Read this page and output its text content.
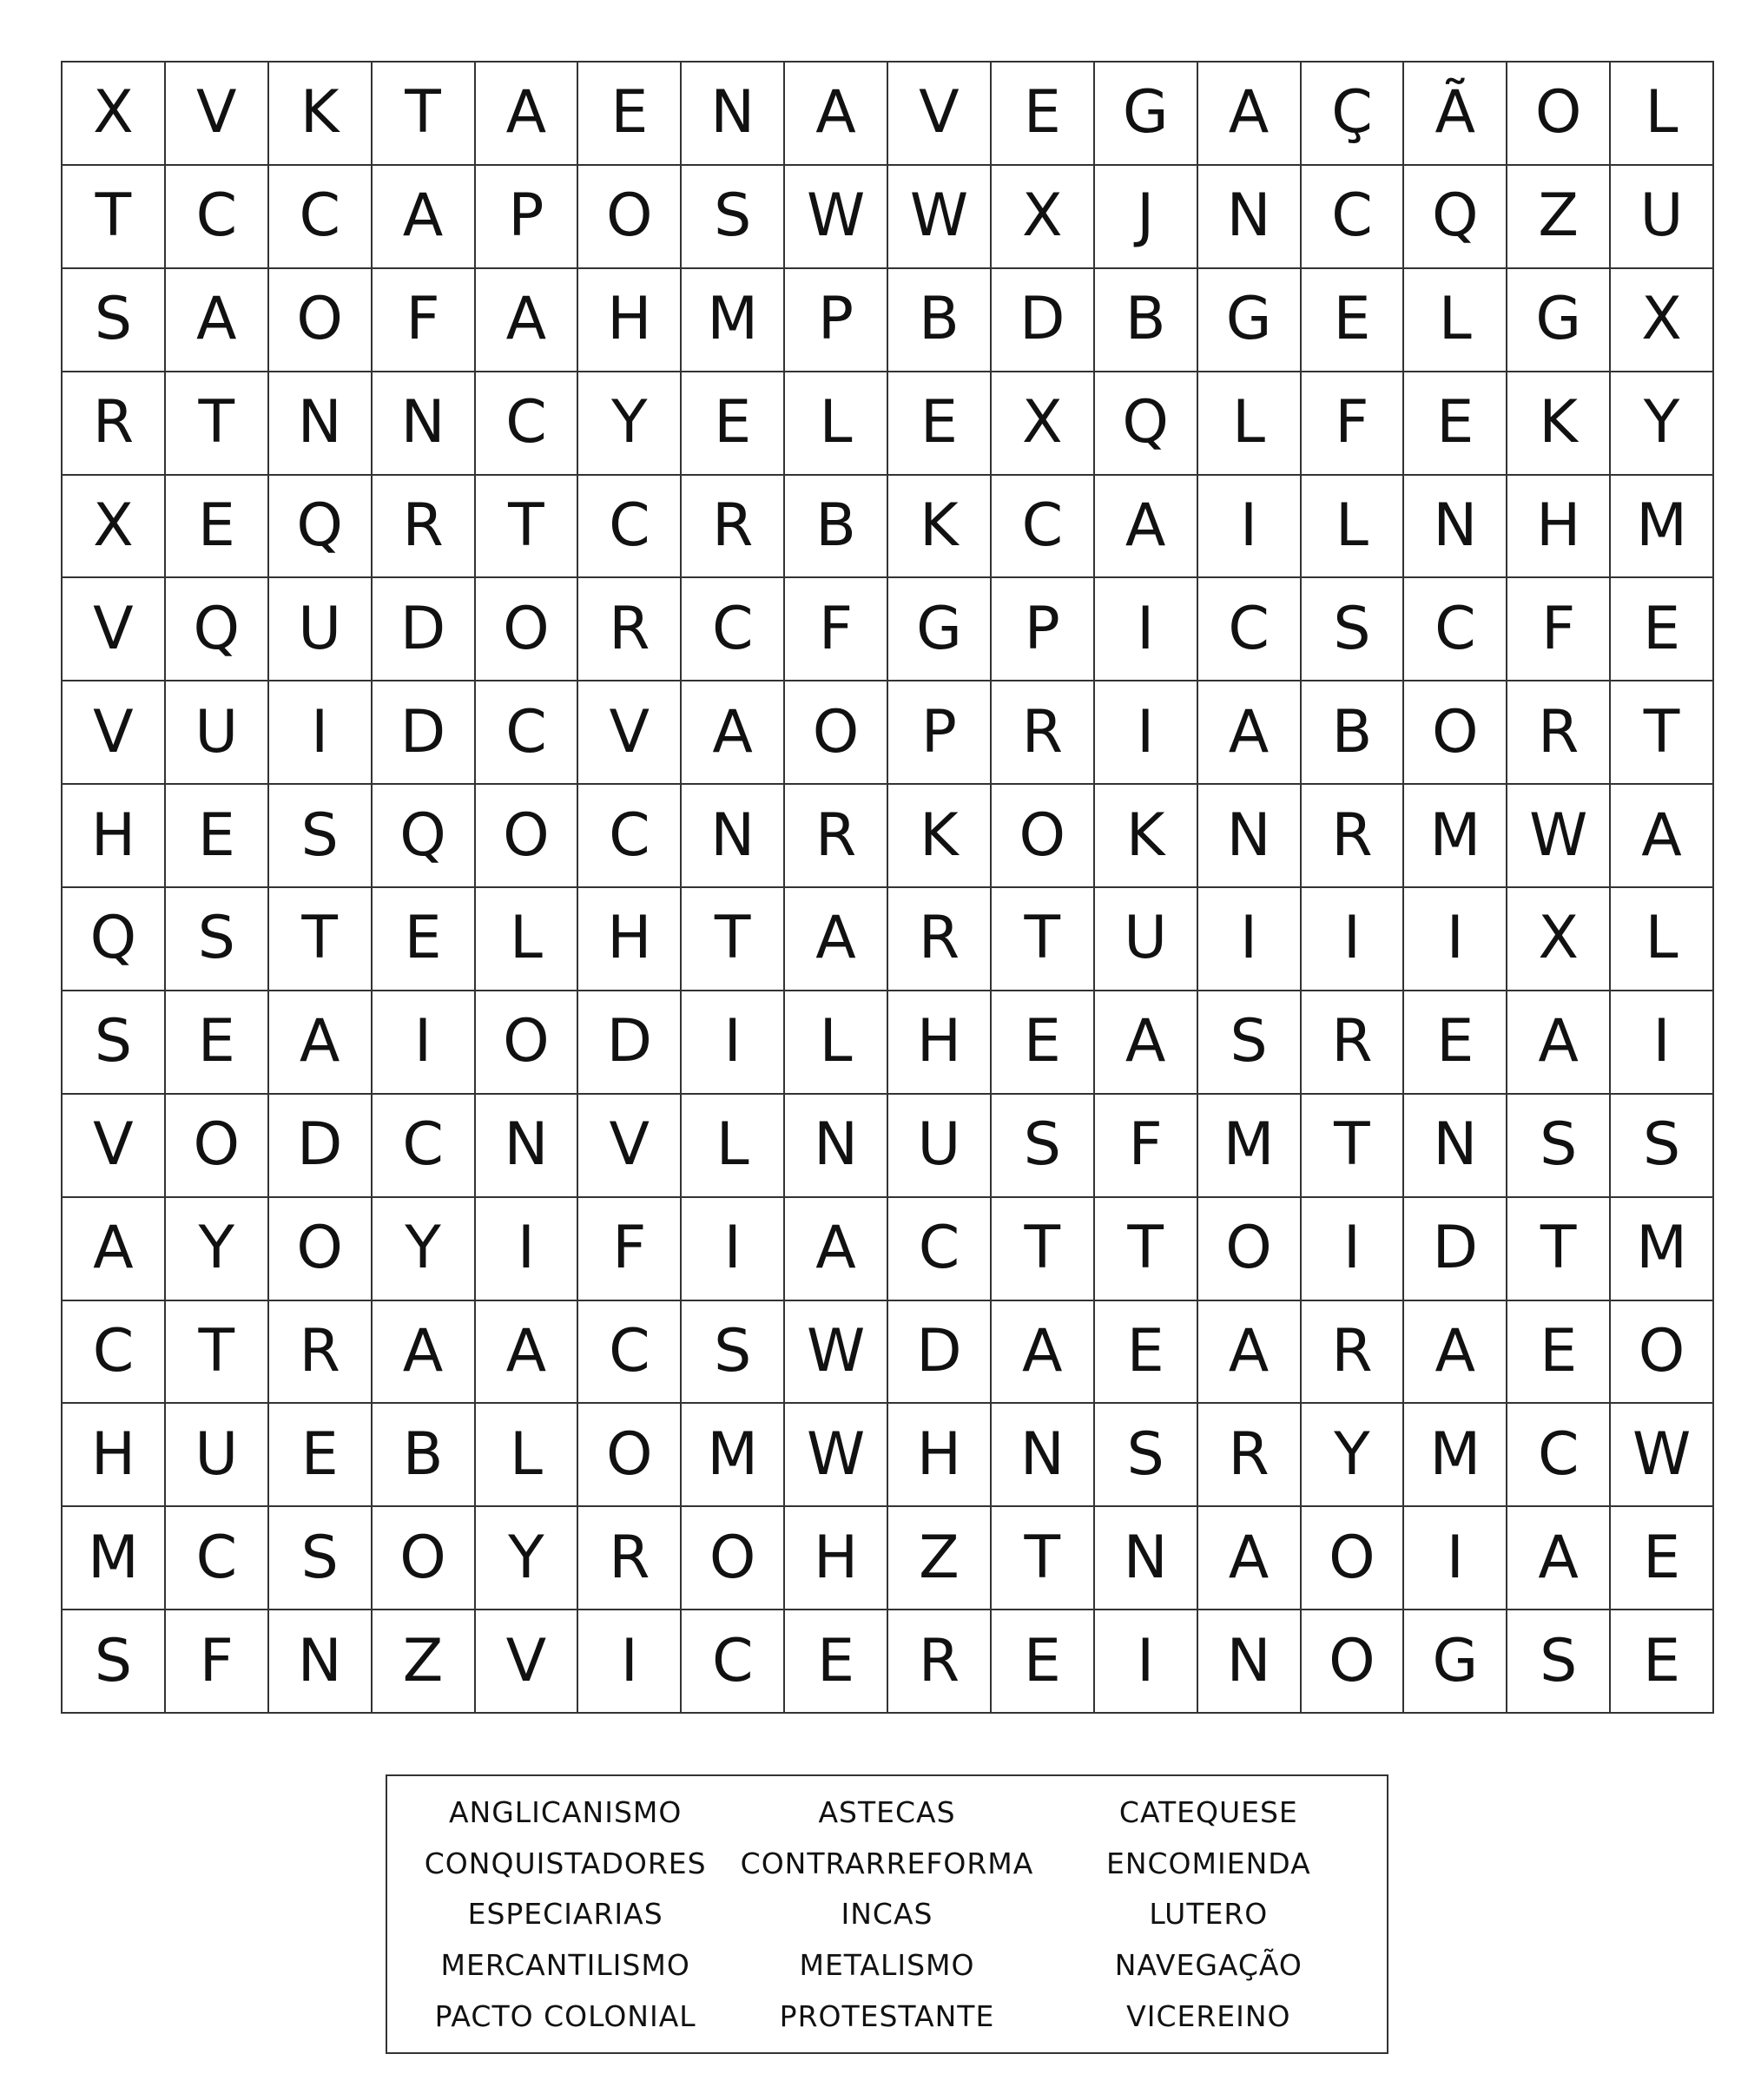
X	V	K	T	A	E	N	A	V	E	G	A	Ç	Ã	O	L
T	C	C	A	P	O	S W W X	J	N	C	Q	Z	U
S	A	O	F	A	H M	P	B	D	B	G	E	L	G	X
R	T	N	N	C	Y	E	L	E	X	Q	L	F	E	K	Y
X	E	Q	R	T	C	R	B	K	C	A	I	L	N H M
V	Q U D O	R	C	F	G	P	I	C	S	C	F	E
V	U	I	D	C	V	A	O	P	R	I	A	B	O	R	T
H	E	S	Q O	C	N	R	K	O	K	N	R M W A
Q	S	T	E	L	H	T	A	R	T	U	I	I	I	X	L
S	E	A	I	O D	I	L	H	E	A	S	R	E	A	I
V	O D	C	N	V	L	N	U	S	F	M	T	N	S	S
A	Y	O	Y	I	F	I	A	C	T	T	O	I	D	T	M
C	T	R	A	A	C	S W D	A	E	A	R	A	E	O
H	U	E	B	L	O M W H N	S	R	Y	M C W
M C	S	O	Y	R	O H	Z	T	N	A	O	I	A	E
S	F	N	Z	V	I	C	E	R	E	I	N O G	S	E
ANGLICANISMO	ASTECAS	CATEQUESE
CONQUISTADORES	CONTRARREFORMA	ENCOMIENDA
ESPECIARIAS	INCAS	LUTERO
MERCANTILISMO	METALISMO	NAVEGAÇÃO
PACTO COLONIAL	PROTESTANTE	VICEREINO
